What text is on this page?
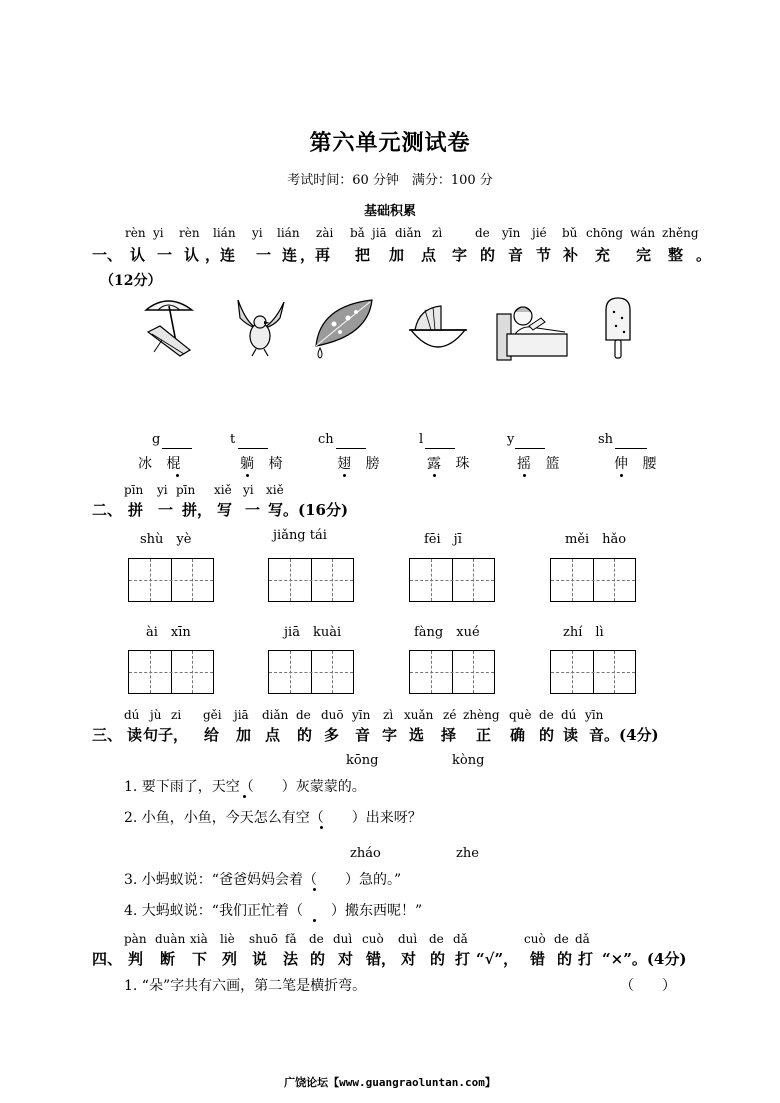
第六单元测试卷
考试时间：60 分钟　满分：100 分
基础积累
rèn yi rèn lián yi lián zài bǎ jiā diǎn zì	de yīn jié bǔ chōng wán zhěng
一、 认 一 认 ， 连 一 连 ，再 把 加 点 字 的 音 节 补 充 完 整 。
（12分）
g	t	ch	l	y	sh
冰 棍	躺 椅	翅 膀	露 珠	摇 篮	伸 腰
pīn yi pīn xiě yi xiě
二、 拼 一 拼， 写 一 写。(16分)
shù　yè	jiǎng tái	fēi　jī	měi　hǎo
ài　xīn	jiā　kuài	fàng　xué	zhí　lì
dú jù zi gěi jiā diǎn de duō yīn zì xuǎn zé zhèng què de dú yīn
三、 读 句子， 给 加 点 的 多 音 字 选 择 正 确 的 读 音。(4分)
kōng	kòng
1. 要下雨了，天空（　　）灰蒙蒙的。
2. 小鱼，小鱼，今天怎么有空（　　）出来呀？
zháo	zhe
3. 小蚂蚁说：“爸爸妈妈会着（　　）急的。”
4. 大蚂蚁说：“我们正忙着（　　）搬东西呢！”
pàn duàn xià liè shuō fǎ de duì cuò duì de dǎ	cuò de dǎ
四、 判 断 下 列 说 法 的 对 错， 对 的 打 “√”， 错 的 打 “×”。(4分)
1. “朵”字共有六画，第二笔是横折弯。	（　　）
广饶论坛【www.guangraoluntan.com】
